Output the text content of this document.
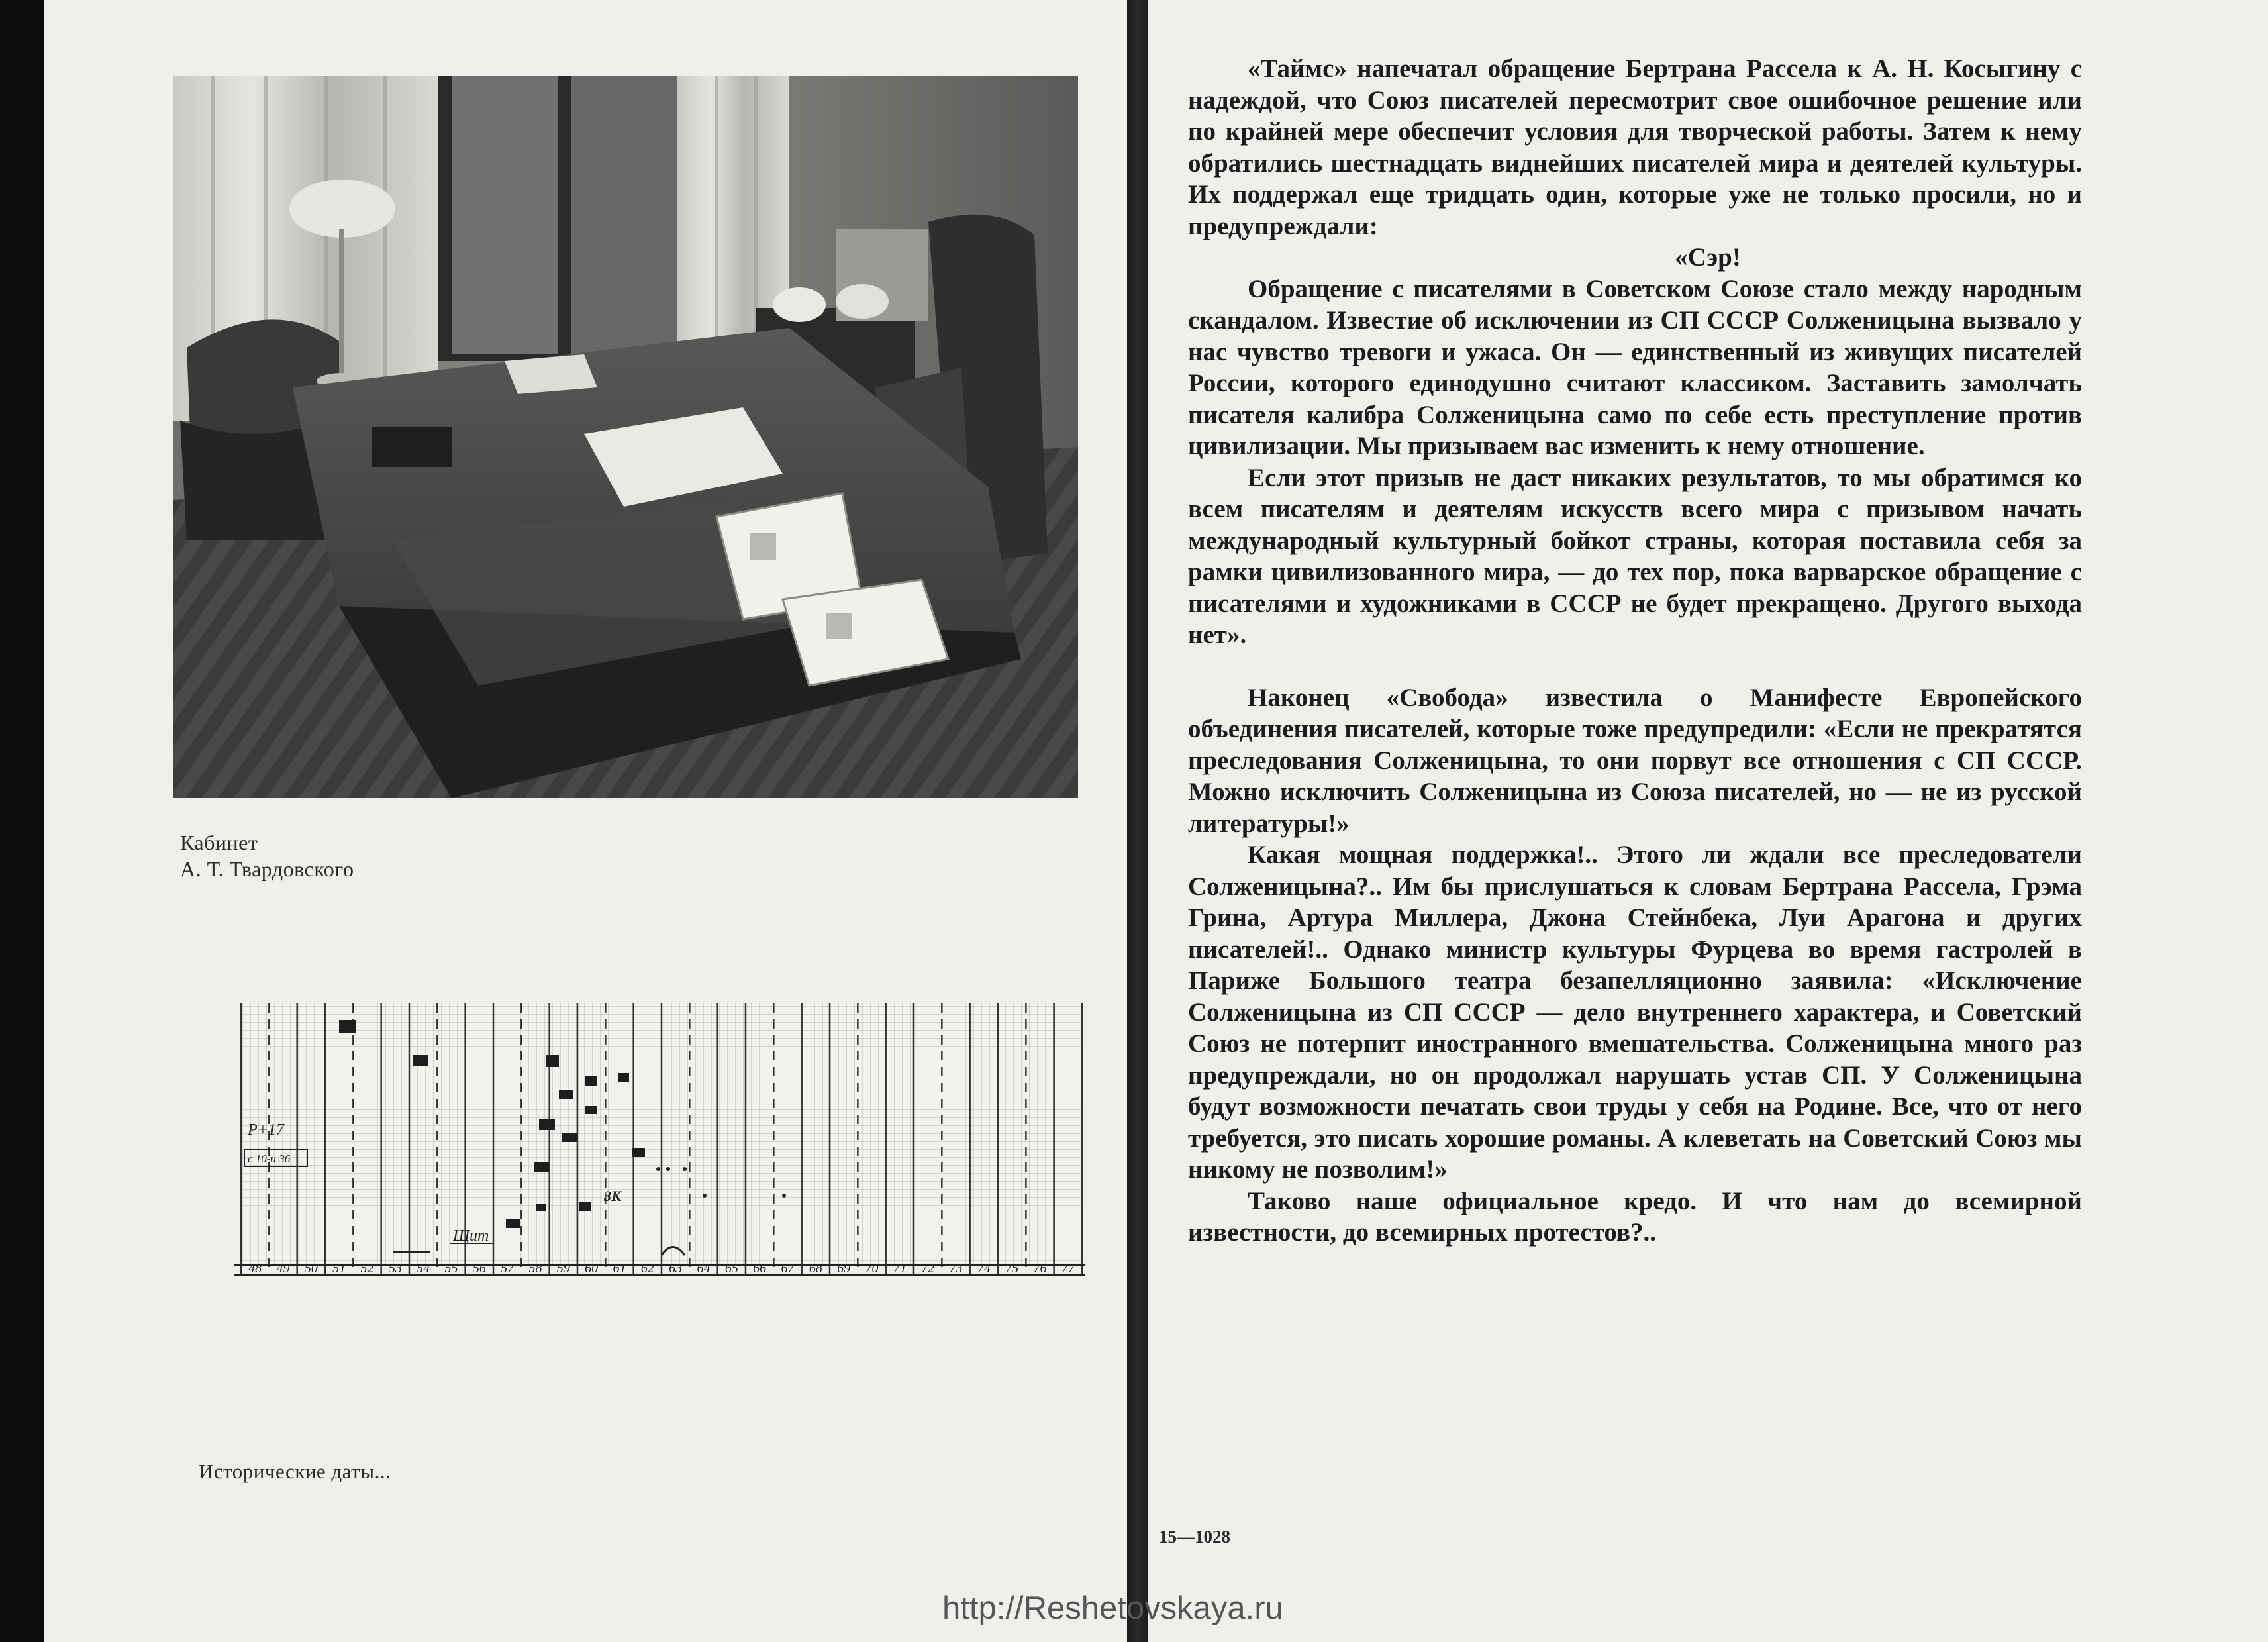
Кабинет
А. Т. Твардовского
48 49 50 51 52 53 54 55 56 57 58 59 60 61 62 63 64 65 66 67 68 69 70 71 72 73 74 75 76 77
P+17
с 10-и 36
ЗК
Щит
Исторические даты...

«Таймс» напечатал обращение Бертрана Рассела к А. Н. Косыгину с надеждой, что Союз писателей пересмотрит свое ошибочное решение или по крайней мере обеспечит условия для творческой работы. Затем к нему обратились шестнадцать виднейших писателей мира и деятелей культуры. Их поддержал еще тридцать один, которые уже не только просили, но и предупреждали:

«Сэр!

Обращение с писателями в Советском Союзе стало между народным скандалом. Известие об исключении из СП СССР Солженицына вызвало у нас чувство тревоги и ужаса. Он — единственный из живущих писателей России, которого единодушно считают классиком. Заставить замолчать писателя калибра Солженицына само по себе есть преступление против цивилизации. Мы призываем вас изменить к нему отношение.

Если этот призыв не даст никаких результатов, то мы обратимся ко всем писателям и деятелям искусств всего мира с призывом начать международный культурный бойкот страны, которая поставила себя за рамки цивилизованного мира, — до тех пор, пока варварское обращение с писателями и художниками в СССР не будет прекращено. Другого выхода нет».

Наконец «Свобода» известила о Манифесте Европейского объединения писателей, которые тоже предупредили: «Если не прекратятся преследования Солженицына, то они порвут все отношения с СП СССР. Можно исключить Солженицына из Союза писателей, но — не из русской литературы!»

Какая мощная поддержка!.. Этого ли ждали все преследователи Солженицына?.. Им бы прислушаться к словам Бертрана Рассела, Грэма Грина, Артура Миллера, Джона Стейнбека, Луи Арагона и других писателей!.. Однако министр культуры Фурцева во время гастролей в Париже Большого театра безапелляционно заявила: «Исключение Солженицына из СП СССР — дело внутреннего характера, и Советский Союз не потерпит иностранного вмешательства. Солженицына много раз предупреждали, но он продолжал нарушать устав СП. У Солженицына будут возможности печатать свои труды у себя на Родине. Все, что от него требуется, это писать хорошие романы. А клеветать на Советский Союз мы никому не позволим!»

Таково наше официальное кредо. И что нам до всемирной известности, до всемирных протестов?..

15—1028
http://Reshetovskaya.ru
